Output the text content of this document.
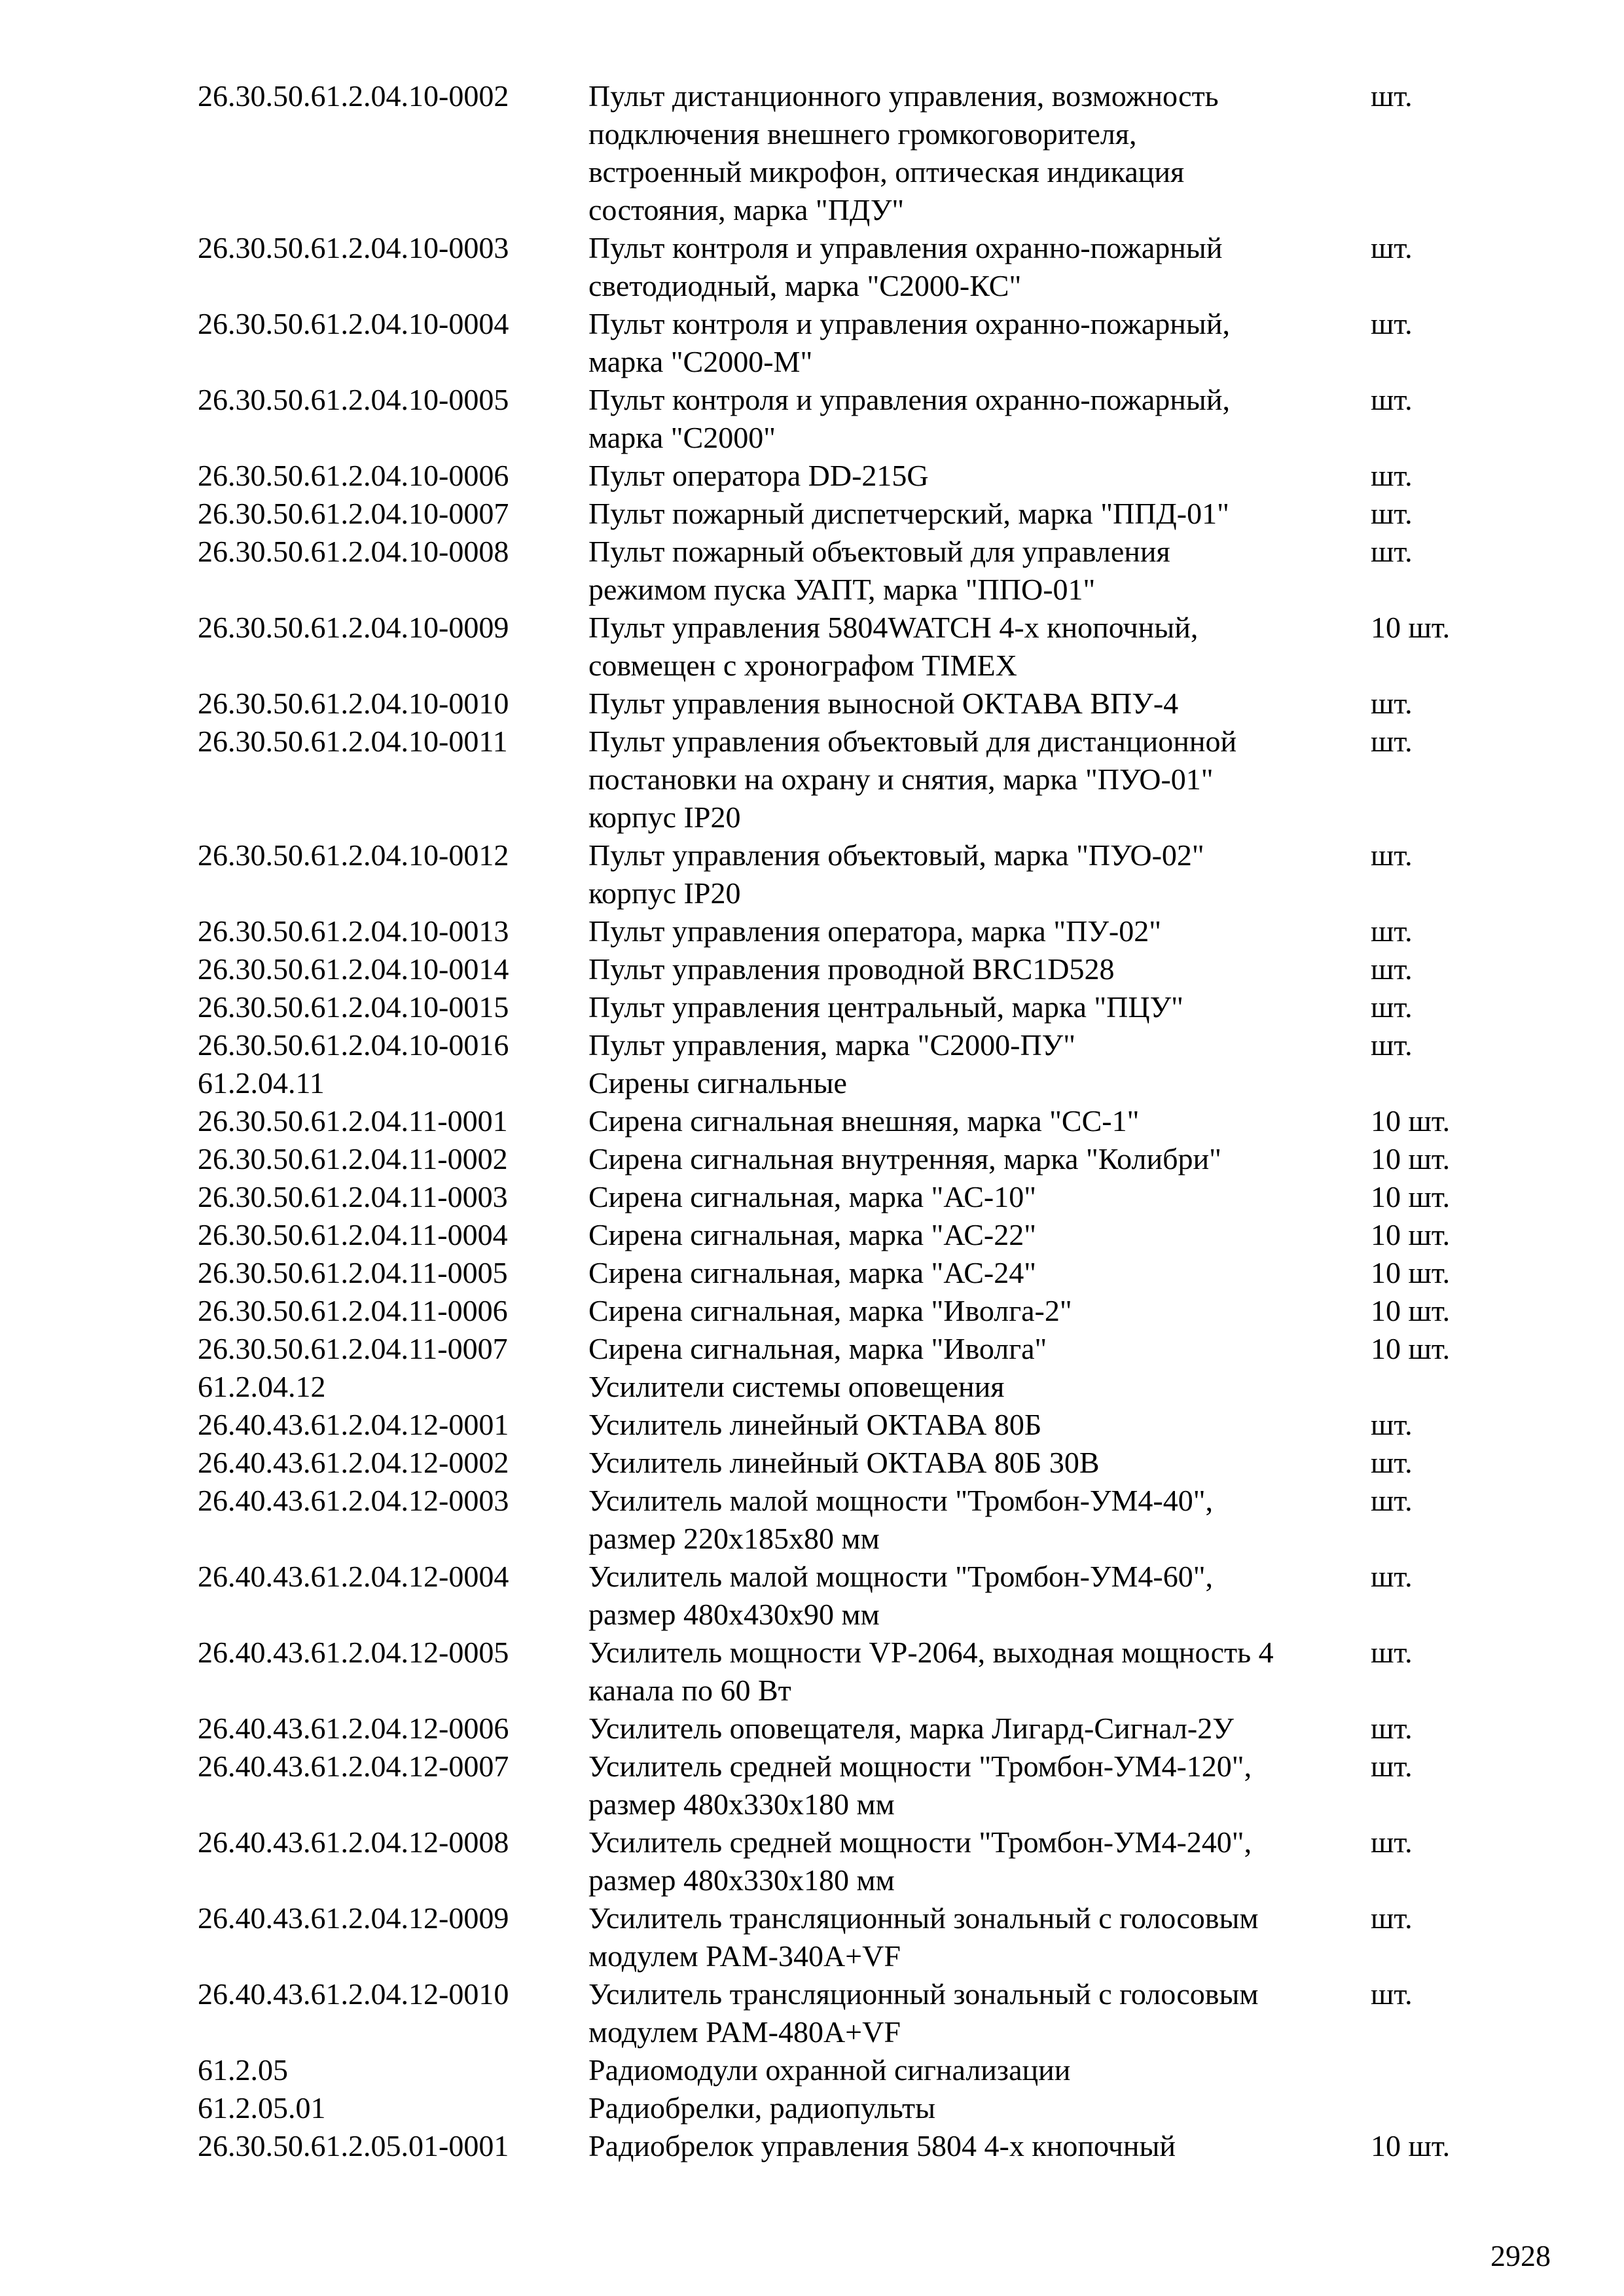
26.30.50.61.2.04.10-0002	Пульт дистанционного управления, возможность
подключения внешнего громкоговорителя,
встроенный микрофон, оптическая индикация
состояния, марка "ПДУ"	шт.
26.30.50.61.2.04.10-0003	Пульт контроля и управления охранно-пожарный
светодиодный, марка "С2000-КС"	шт.
26.30.50.61.2.04.10-0004	Пульт контроля и управления охранно-пожарный,
марка "С2000-М"	шт.
26.30.50.61.2.04.10-0005	Пульт контроля и управления охранно-пожарный,
марка "С2000"	шт.
26.30.50.61.2.04.10-0006	Пульт оператора DD-215G	шт.
26.30.50.61.2.04.10-0007	Пульт пожарный диспетчерский, марка "ППД-01"	шт.
26.30.50.61.2.04.10-0008	Пульт пожарный объектовый для управления
режимом пуска УАПТ, марка "ППО-01"	шт.
26.30.50.61.2.04.10-0009	Пульт управления 5804WATCH 4-х кнопочный,
совмещен с хронографом TIMEX	10 шт.
26.30.50.61.2.04.10-0010	Пульт управления выносной ОКТАВА ВПУ-4	шт.
26.30.50.61.2.04.10-0011	Пульт управления объектовый для дистанционной
постановки на охрану и снятия, марка "ПУО-01"
корпус IP20	шт.
26.30.50.61.2.04.10-0012	Пульт управления объектовый, марка "ПУО-02"
корпус IP20	шт.
26.30.50.61.2.04.10-0013	Пульт управления оператора, марка "ПУ-02"	шт.
26.30.50.61.2.04.10-0014	Пульт управления проводной BRC1D528	шт.
26.30.50.61.2.04.10-0015	Пульт управления центральный, марка "ПЦУ"	шт.
26.30.50.61.2.04.10-0016	Пульт управления, марка "С2000-ПУ"	шт.
61.2.04.11	Сирены сигнальные	
26.30.50.61.2.04.11-0001	Сирена сигнальная внешняя, марка "СС-1"	10 шт.
26.30.50.61.2.04.11-0002	Сирена сигнальная внутренняя, марка "Колибри"	10 шт.
26.30.50.61.2.04.11-0003	Сирена сигнальная, марка "АС-10"	10 шт.
26.30.50.61.2.04.11-0004	Сирена сигнальная, марка "АС-22"	10 шт.
26.30.50.61.2.04.11-0005	Сирена сигнальная, марка "АС-24"	10 шт.
26.30.50.61.2.04.11-0006	Сирена сигнальная, марка "Иволга-2"	10 шт.
26.30.50.61.2.04.11-0007	Сирена сигнальная, марка "Иволга"	10 шт.
61.2.04.12	Усилители системы оповещения	
26.40.43.61.2.04.12-0001	Усилитель линейный ОКТАВА 80Б	шт.
26.40.43.61.2.04.12-0002	Усилитель линейный ОКТАВА 80Б 30В	шт.
26.40.43.61.2.04.12-0003	Усилитель малой мощности "Тромбон-УМ4-40",
размер 220x185x80 мм	шт.
26.40.43.61.2.04.12-0004	Усилитель малой мощности "Тромбон-УМ4-60",
размер 480x430x90 мм	шт.
26.40.43.61.2.04.12-0005	Усилитель мощности VP-2064, выходная мощность 4
канала по 60 Вт	шт.
26.40.43.61.2.04.12-0006	Усилитель оповещателя, марка Лигард-Сигнал-2У	шт.
26.40.43.61.2.04.12-0007	Усилитель средней мощности "Тромбон-УМ4-120",
размер 480x330x180 мм	шт.
26.40.43.61.2.04.12-0008	Усилитель средней мощности "Тромбон-УМ4-240",
размер 480x330x180 мм	шт.
26.40.43.61.2.04.12-0009	Усилитель трансляционный зональный с голосовым
модулем PAM-340A+VF	шт.
26.40.43.61.2.04.12-0010	Усилитель трансляционный зональный с голосовым
модулем PAM-480A+VF	шт.
61.2.05	Радиомодули охранной сигнализации	
61.2.05.01	Радиобрелки, радиопульты	
26.30.50.61.2.05.01-0001	Радиобрелок управления 5804 4-х кнопочный	10 шт.
2928
